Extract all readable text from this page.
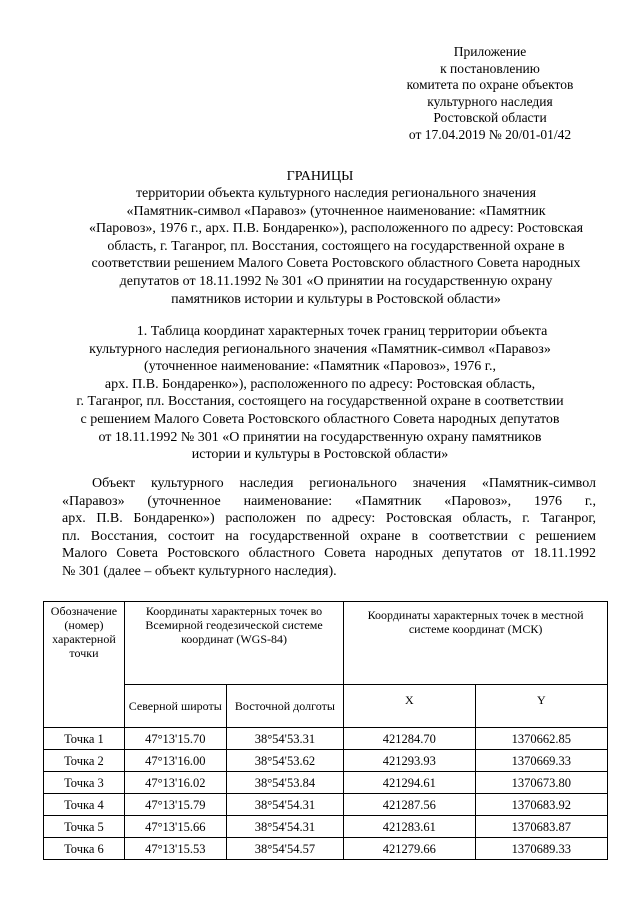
Приложение
к постановлению
комитета по охране объектов
культурного наследия
Ростовской области
от 17.04.2019 № 20/01-01/42
ГРАНИЦЫ
территории объекта культурного наследия регионального значения
«Памятник-символ «Паравоз» (уточненное наименование: «Памятник
«Паровоз», 1976 г., арх. П.В. Бондаренко»), расположенного по адресу: Ростовская
область, г. Таганрог, пл. Восстания, состоящего на государственной охране в
соответствии решением Малого Совета Ростовского областного Совета народных
депутатов от 18.11.1992 № 301 «О принятии на государственную охрану
памятников истории и культуры в Ростовской области»
1. Таблица координат характерных точек границ территории объекта
культурного наследия регионального значения «Памятник-символ «Паравоз»
(уточненное наименование: «Памятник «Паровоз», 1976 г.,
арх. П.В. Бондаренко»), расположенного по адресу: Ростовская область,
г. Таганрог, пл. Восстания, состоящего на государственной охране в соответствии
с решением Малого Совета Ростовского областного Совета народных депутатов
от 18.11.1992 № 301 «О принятии на государственную охрану памятников
истории и культуры в Ростовской области»
Объект культурного наследия регионального значения «Памятник-символ
«Паравоз» (уточненное наименование: «Памятник «Паровоз», 1976 г.,
арх. П.В. Бондаренко») расположен по адресу: Ростовская область, г. Таганрог,
пл. Восстания, состоит на государственной охране в соответствии с решением
Малого Совета Ростовского областного Совета народных депутатов от 18.11.1992
№ 301 (далее – объект культурного наследия).
Обозначение (номер) характерной точки	Координаты характерных точек во Всемирной геодезической системе координат (WGS-84)		Координаты характерных точек в местной системе координат (МСК)	
	Северной широты	Восточной долготы	X	Y
Точка 1	47°13'15.70	38°54'53.31	421284.70	1370662.85
Точка 2	47°13'16.00	38°54'53.62	421293.93	1370669.33
Точка 3	47°13'16.02	38°54'53.84	421294.61	1370673.80
Точка 4	47°13'15.79	38°54'54.31	421287.56	1370683.92
Точка 5	47°13'15.66	38°54'54.31	421283.61	1370683.87
Точка 6	47°13'15.53	38°54'54.57	421279.66	1370689.33
